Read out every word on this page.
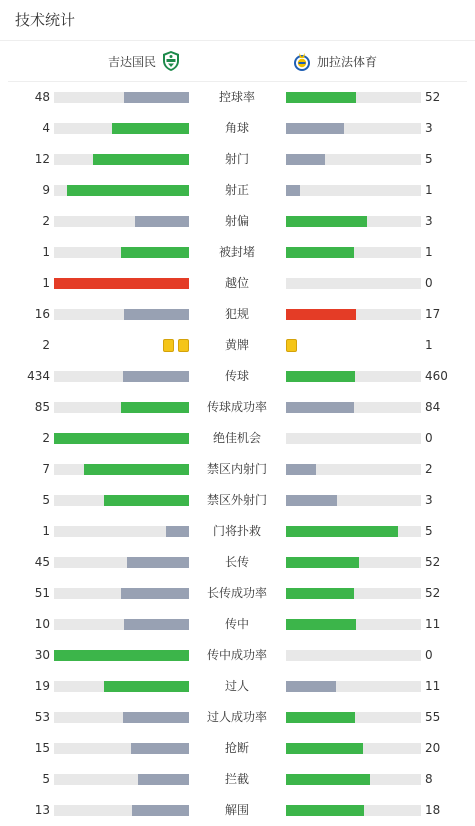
技术统计
吉达国民	加拉法体育
48	控球率	52
4	角球	3
12	射门	5
9	射正	1
2	射偏	3
1	被封堵	1
1	越位	0
16	犯规	17
2	黄牌	1
434	传球	460
85	传球成功率	84
2	绝佳机会	0
7	禁区内射门	2
5	禁区外射门	3
1	门将扑救	5
45	长传	52
51	长传成功率	52
10	传中	11
30	传中成功率	0
19	过人	11
53	过人成功率	55
15	抢断	20
5	拦截	8
13	解围	18
